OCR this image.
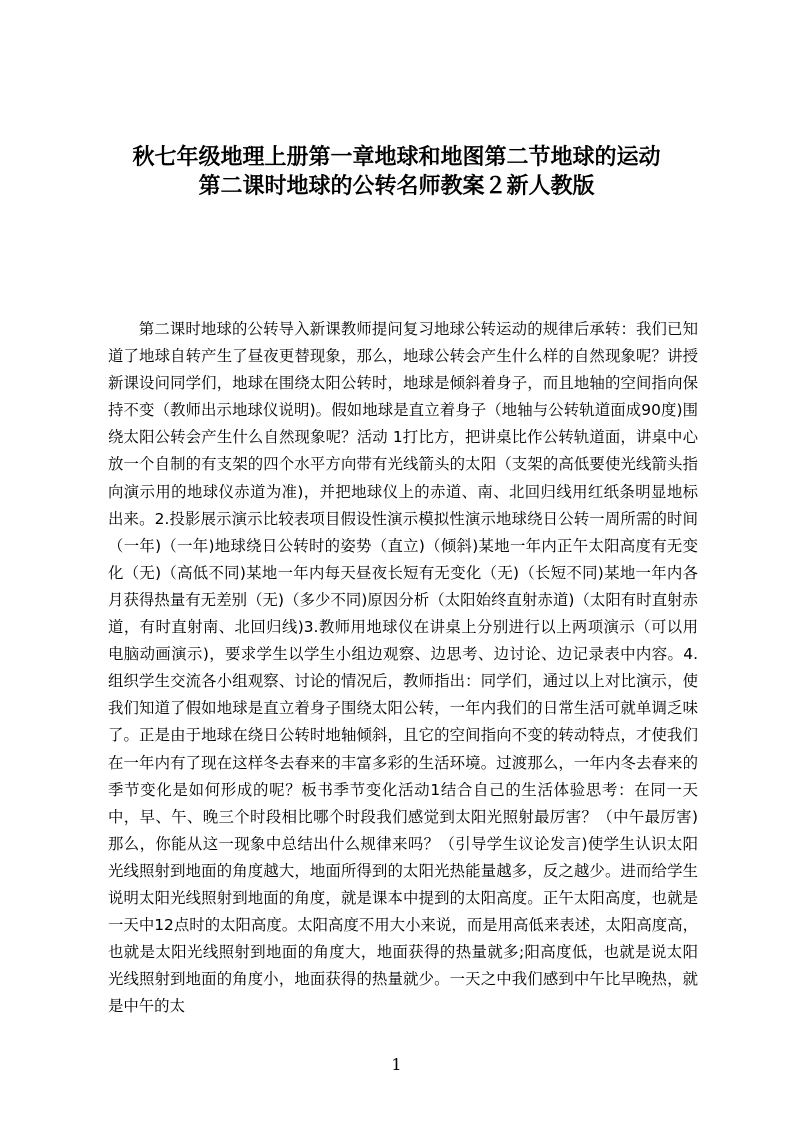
秋七年级地理上册第一章地球和地图第二节地球的运动
第二课时地球的公转名师教案２新人教版
第二课时地球的公转导入新课教师提问复习地球公转运动的规律后承转：我们已知道了地球自转产生了昼夜更替现象，那么，地球公转会产生什么样的自然现象呢？讲授新课设问同学们，地球在围绕太阳公转时，地球是倾斜着身子，而且地轴的空间指向保持不变（教师出示地球仪说明)。假如地球是直立着身子（地轴与公转轨道面成90度)围绕太阳公转会产生什么自然现象呢？活动 1打比方，把讲桌比作公转轨道面，讲桌中心放一个自制的有支架的四个水平方向带有光线箭头的太阳（支架的高低要使光线箭头指向演示用的地球仪赤道为准)，并把地球仪上的赤道、南、北回归线用红纸条明显地标出来。2.投影展示演示比较表项目假设性演示模拟性演示地球绕日公转一周所需的时间（一年)（一年)地球绕日公转时的姿势（直立)（倾斜)某地一年内正午太阳高度有无变化（无)（高低不同)某地一年内每天昼夜长短有无变化（无)（长短不同)某地一年内各月获得热量有无差别（无)（多少不同)原因分析（太阳始终直射赤道)（太阳有时直射赤道，有时直射南、北回归线)3.教师用地球仪在讲桌上分别进行以上两项演示（可以用电脑动画演示)，要求学生以学生小组边观察、边思考、边讨论、边记录表中内容。4.组织学生交流各小组观察、讨论的情况后，教师指出：同学们，通过以上对比演示，使我们知道了假如地球是直立着身子围绕太阳公转，一年内我们的日常生活可就单调乏味了。正是由于地球在绕日公转时地轴倾斜，且它的空间指向不变的转动特点，才使我们在一年内有了现在这样冬去春来的丰富多彩的生活环境。过渡那么，一年内冬去春来的季节变化是如何形成的呢？板书季节变化活动1结合自己的生活体验思考：在同一天中，早、午、晚三个时段相比哪个时段我们感觉到太阳光照射最厉害？（中午最厉害)那么，你能从这一现象中总结出什么规律来吗？（引导学生议论发言)使学生认识太阳光线照射到地面的角度越大，地面所得到的太阳光热能量越多，反之越少。进而给学生说明太阳光线照射到地面的角度，就是课本中提到的太阳高度。正午太阳高度，也就是一天中12点时的太阳高度。太阳高度不用大小来说，而是用高低来表述，太阳高度高，也就是太阳光线照射到地面的角度大，地面获得的热量就多;阳高度低，也就是说太阳光线照射到地面的角度小，地面获得的热量就少。一天之中我们感到中午比早晚热，就是中午的太
1
